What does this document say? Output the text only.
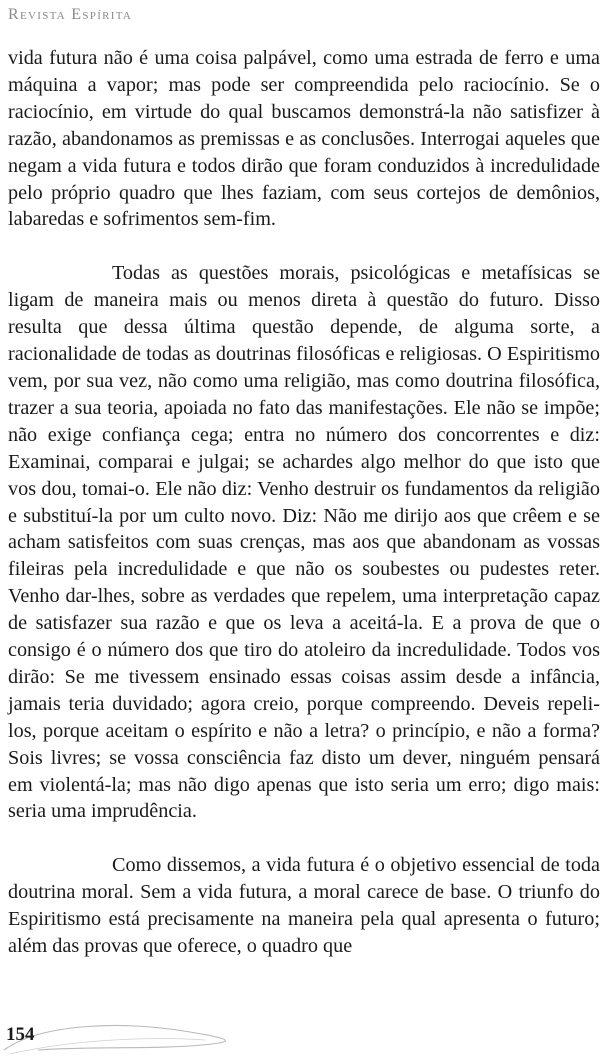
Revista Espírita

vida futura não é uma coisa palpável, como uma estrada de ferro e uma máquina a vapor; mas pode ser compreendida pelo raciocínio. Se o raciocínio, em virtude do qual buscamos demonstrá-la não satisfizer à razão, abandonamos as premissas e as conclusões. Interrogai aqueles que negam a vida futura e todos dirão que foram conduzidos à incredulidade pelo próprio quadro que lhes faziam, com seus cortejos de demônios, labaredas e sofrimentos sem-fim.

Todas as questões morais, psicológicas e metafísicas se ligam de maneira mais ou menos direta à questão do futuro. Disso resulta que dessa última questão depende, de alguma sorte, a racionalidade de todas as doutrinas filosóficas e religiosas. O Espiritismo vem, por sua vez, não como uma religião, mas como doutrina filosófica, trazer a sua teoria, apoiada no fato das manifestações. Ele não se impõe; não exige confiança cega; entra no número dos concorrentes e diz: Examinai, comparai e julgai; se achardes algo melhor do que isto que vos dou, tomai-o. Ele não diz: Venho destruir os fundamentos da religião e substituí-la por um culto novo. Diz: Não me dirijo aos que crêem e se acham satisfeitos com suas crenças, mas aos que abandonam as vossas fileiras pela incredulidade e que não os soubestes ou pudestes reter. Venho dar-lhes, sobre as verdades que repelem, uma interpretação capaz de satisfazer sua razão e que os leva a aceitá-la. E a prova de que o consigo é o número dos que tiro do atoleiro da incredulidade. Todos vos dirão: Se me tivessem ensinado essas coisas assim desde a infância, jamais teria duvidado; agora creio, porque compreendo. Deveis repeli-los, porque aceitam o espírito e não a letra? o princípio, e não a forma? Sois livres; se vossa consciência faz disto um dever, ninguém pensará em violentá-la; mas não digo apenas que isto seria um erro; digo mais: seria uma imprudência.

Como dissemos, a vida futura é o objetivo essencial de toda doutrina moral. Sem a vida futura, a moral carece de base. O triunfo do Espiritismo está precisamente na maneira pela qual apresenta o futuro; além das provas que oferece, o quadro que

154
